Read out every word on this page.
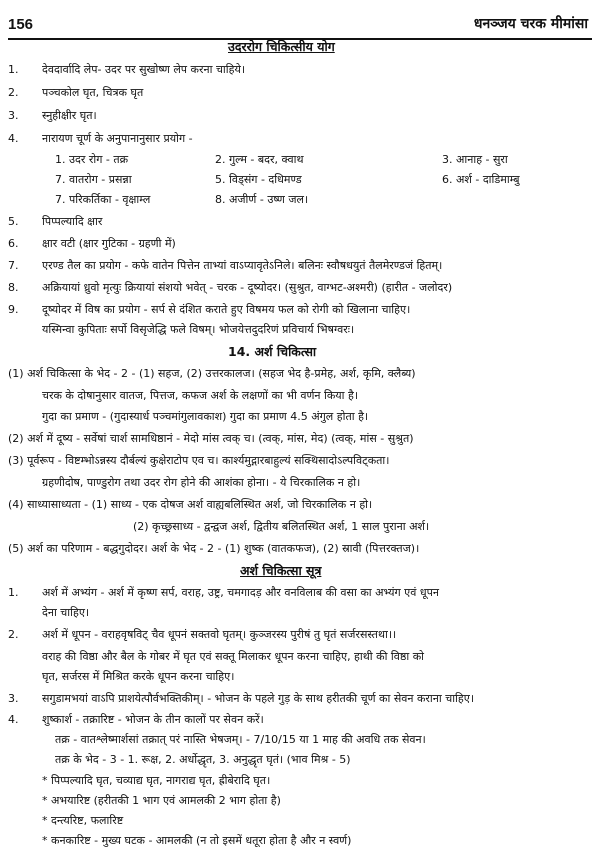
156	धनञ्जय चरक मीमांसा
उदररोग चिकित्सीय योग
1. देवदार्वादि लेप- उदर पर सुखोष्ण लेप करना चाहिये।
2. पञ्चकोल घृत, चित्रक घृत
3. स्नुहीक्षीर घृत।
4. नारायण चूर्ण के अनुपानानुसार प्रयोग -
1. उदर रोग - तक्र	2. गुल्म - बदर, क्वाथ	3. आनाह - सुरा
7. वातरोग - प्रसन्ना	5. विड्संग - दधिमण्ड	6. अर्श - दाडिमाम्बु
7. परिकर्तिका - वृक्षाम्ल	8. अजीर्ण - उष्ण जल।
5. पिप्पल्यादि क्षार
6. क्षार वटी (क्षार गुटिका - ग्रहणी में)
7. एरण्ड तैल का प्रयोग - कफे वातेन पित्तेन ताभ्यां वाऽप्यावृतेऽनिले। बलिनः स्वौषधयुतं तैलमेरण्डजं हितम्।
8. अक्रियायां ध्रुवो मृत्युः क्रियायां संशयो भवेत् - चरक - दूष्योदर। (सुश्रुत, वाग्भट-अश्मरी) (हारीत - जलोदर)
9. दूष्योदर में विष का प्रयोग - सर्प से दंशित कराते हुए विषमय फल को रोगी को खिलाना चाहिए।
यस्मिन्वा कुपिताः सर्पो विसृजेद्धि फले विषम्। भोजयेत्तदुदरिणं प्रविचार्य भिषग्वरः।
14. अर्श चिकित्सा
(1) अर्श चिकित्सा के भेद - 2 - (1) सहज, (2) उत्तरकालज। (सहज भेद है-प्रमेह, अर्श, कृमि, क्लैब्य)
चरक के दोषानुसार वातज, पित्तज, कफज अर्श के लक्षणों का भी वर्णन किया है।
गुदा का प्रमाण - (गुदास्यार्ध पञ्चमांगुलावकाश) गुदा का प्रमाण 4.5 अंगुल होता है।
(2) अर्श में दूष्य - सर्वेषां चार्श सामधिष्ठानं - मेदो मांस त्वक् च। (त्वक्, मांस, मेद) (त्वक्, मांस - सुश्रुत)
(3) पूर्वरूप - विष्टम्भोऽन्नस्य दौर्बल्यं कुक्षेराटोप एव च। कार्श्यमुद्गारबाहुल्यं सक्थिसादोऽल्पविट्कता।
ग्रहणीदोष, पाण्डुरोग तथा उदर रोग होने की आशंका होना। - ये चिरकालिक न हो।
(4) साध्यासाध्यता - (1) साध्य - एक दोषज अर्श वाह्यबलिस्थित अर्श, जो चिरकालिक न हो।
(2) कृच्छ्रसाध्य - द्वन्द्वज अर्श, द्वितीय बलितस्थित अर्श, 1 साल पुराना अर्श।
(5) अर्श का परिणाम - बद्धगुदोदर। अर्श के भेद - 2 - (1) शुष्क (वातकफज), (2) स्रावी (पित्तरक्तज)।
अर्श चिकित्सा सूत्र
1. अर्श में अभ्यंग - अर्श में कृष्ण सर्प, वराह, उष्ट्र, चमगादड़ और वनविलाब की वसा का अभ्यंग एवं धूपन
देना चाहिए।
2. अर्श में धूपन - वराहवृषविट् चैव धूपनं सक्तवो घृतम्। कुञ्जरस्य पुरीषं तु घृतं सर्जरसस्तथा।।
वराह की विष्ठा और बैल के गोबर में घृत एवं सक्तू मिलाकर धूपन करना चाहिए, हाथी की विष्ठा को
घृत, सर्जरस में मिश्रित करके धूपन करना चाहिए।
3. सगुडामभयां वाऽपि प्राशयेत्पौर्वभक्तिकीम्। - भोजन के पहले गुड़ के साथ हरीतकी चूर्ण का सेवन कराना चाहिए।
4. शुष्कार्श - तक्रारिष्ट - भोजन के तीन कालों पर सेवन करें।
तक्र - वातश्लेष्मार्शसां तक्रात् परं नास्ति भेषजम्। - 7/10/15 या 1 माह की अवधि तक सेवन।
तक्र के भेद - 3 - 1. रूक्ष, 2. अर्धोद्धृत, 3. अनुद्धृत घृतं। (भाव मिश्र - 5)
* पिप्पल्यादि घृत, चव्याद्य घृत, नागराद्य घृत, ह्रीबेरादि घृत।
* अभयारिष्ट (हरीतकी 1 भाग एवं आमलकी 2 भाग होता है)
* दन्त्यरिष्ट, फलारिष्ट
* कनकारिष्ट - मुख्य घटक - आमलकी (न तो इसमें धतूरा होता है और न स्वर्ण)
